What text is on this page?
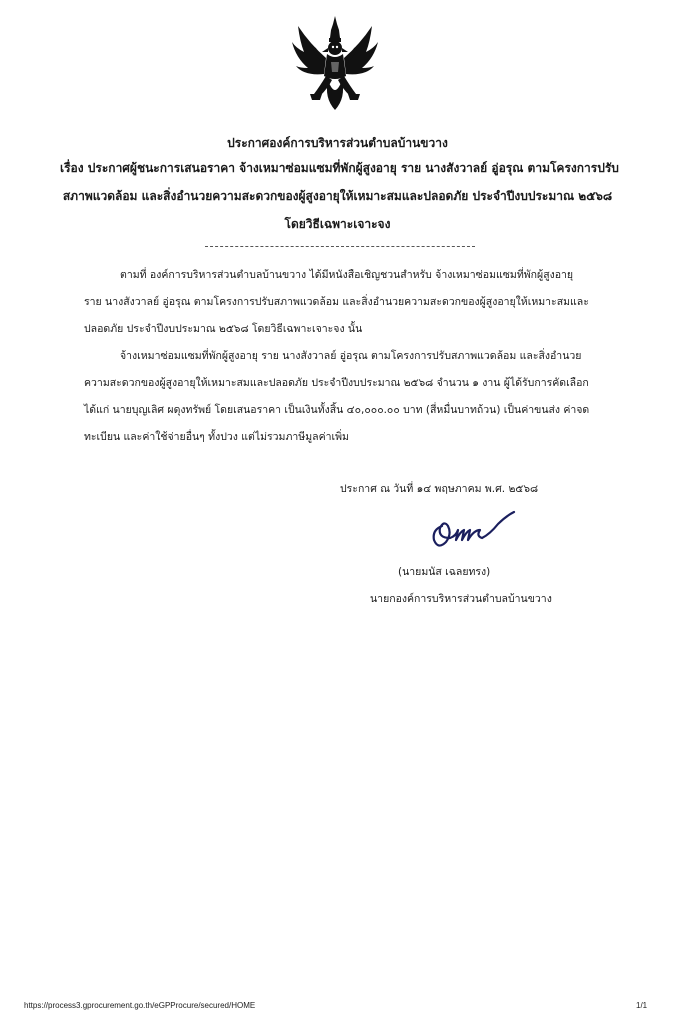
ประกาศองค์การบริหารส่วนตำบลบ้านขวาง
เรื่อง ประกาศผู้ชนะการเสนอราคา จ้างเหมาซ่อมแซมที่พักผู้สูงอายุ ราย นางสังวาลย์ อู่อรุณ ตามโครงการปรับ
สภาพแวดล้อม และสิ่งอำนวยความสะดวกของผู้สูงอายุให้เหมาะสมและปลอดภัย ประจำปีงบประมาณ ๒๕๖๘
โดยวิธีเฉพาะเจาะจง
ตามที่ องค์การบริหารส่วนตำบลบ้านขวาง ได้มีหนังสือเชิญชวนสำหรับ จ้างเหมาซ่อมแซมที่พักผู้สูงอายุ
ราย นางสังวาลย์ อู่อรุณ ตามโครงการปรับสภาพแวดล้อม และสิ่งอำนวยความสะดวกของผู้สูงอายุให้เหมาะสมและ
ปลอดภัย ประจำปีงบประมาณ ๒๕๖๘ โดยวิธีเฉพาะเจาะจง นั้น
จ้างเหมาซ่อมแซมที่พักผู้สูงอายุ ราย นางสังวาลย์ อู่อรุณ ตามโครงการปรับสภาพแวดล้อม และสิ่งอำนวย
ความสะดวกของผู้สูงอายุให้เหมาะสมและปลอดภัย ประจำปีงบประมาณ ๒๕๖๘ จำนวน ๑ งาน ผู้ได้รับการคัดเลือก
ได้แก่ นายบุญเลิศ ผดุงทรัพย์ โดยเสนอราคา เป็นเงินทั้งสิ้น ๔๐,๐๐๐.๐๐ บาท (สี่หมื่นบาทถ้วน) เป็นค่าขนส่ง ค่าจด
ทะเบียน และค่าใช้จ่ายอื่นๆ ทั้งปวง แต่ไม่รวมภาษีมูลค่าเพิ่ม
ประกาศ ณ วันที่ ๑๔ พฤษภาคม พ.ศ. ๒๕๖๘
(นายมนัส เฉลยทรง)
นายกองค์การบริหารส่วนตำบลบ้านขวาง
https://process3.gprocurement.go.th/eGPProcure/secured/HOME	1/1
